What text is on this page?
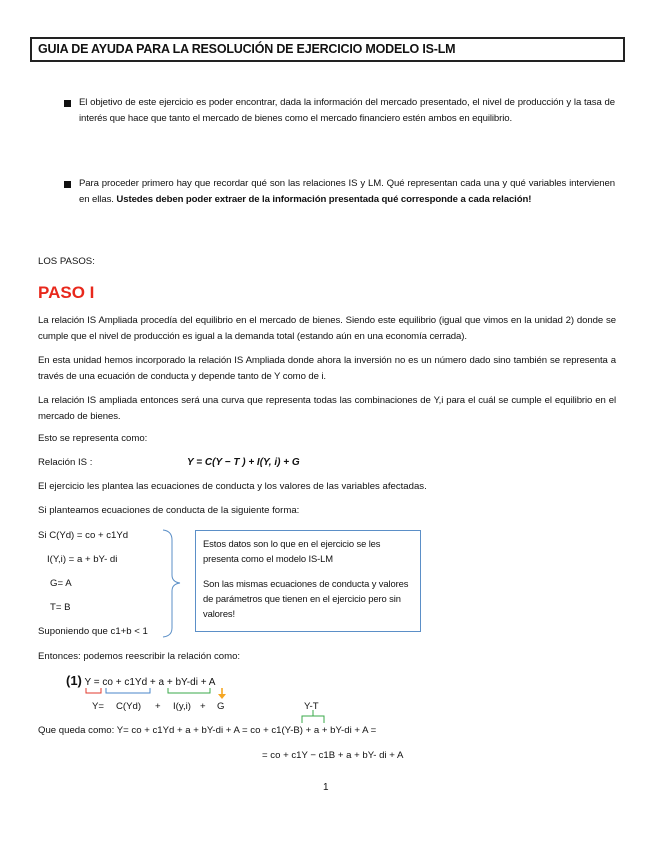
GUIA DE AYUDA PARA LA RESOLUCIÓN DE EJERCICIO MODELO IS-LM

El objetivo de este ejercicio es poder encontrar, dada la información del mercado presentado, el nivel de producción y la tasa de interés que hace que tanto el mercado de bienes como el mercado financiero estén ambos en equilibrio.

Para proceder primero hay que recordar qué son las relaciones IS y LM. Qué representan cada una y qué variables intervienen en ellas. Ustedes deben poder extraer de la información presentada qué corresponde a cada relación!

LOS PASOS:
PASO I

La relación IS Ampliada procedía del equilibrio en el mercado de bienes. Siendo este equilibrio (igual que vimos en la unidad 2) donde se cumple que el nivel de producción es igual a la demanda total (estando aún en una economía cerrada).

En esta unidad hemos incorporado la relación IS Ampliada donde ahora la inversión no es un número dado sino también se representa a través de una ecuación de conducta y depende tanto de Y como de i.

La relación IS ampliada entonces será una curva que representa todas las combinaciones de Y,i para el cuál se cumple el equilibrio en el mercado de bienes.

Esto se representa como:
Relación IS :	Y = C(Y − T ) + I(Y, i) + G
El ejercicio les plantea las ecuaciones de conducta y los valores de las variables afectadas.
Si planteamos ecuaciones de conducta de la siguiente forma:
Si C(Yd) = co + c1Yd
I(Y,i) = a + bY- di
G= A
T= B
Suponiendo que c1+b < 1

Estos datos son lo que en el ejercicio se les presenta como el modelo IS-LM

Son las mismas ecuaciones de conducta y valores de parámetros que tienen en el ejercicio pero sin valores!

Entonces: podemos reescribir la relación como:
(1) Y = co + c1Yd + a + bY-di + A
Y= C(Yd) + I(y,i) + G	Y-T
Que queda como: Y= co + c1Yd + a + bY-di + A = co + c1(Y-B) + a + bY-di + A =
= co + c1Y − c1B + a + bY- di + A
1
